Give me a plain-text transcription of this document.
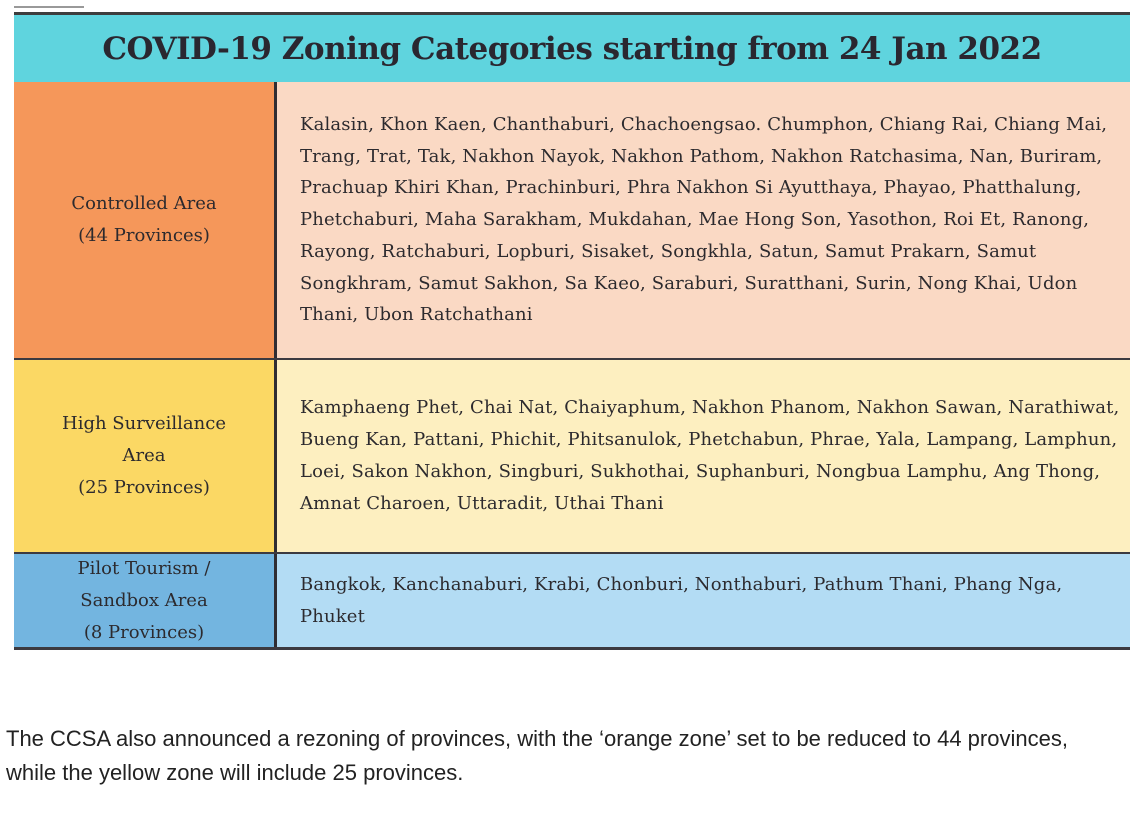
COVID-19 Zoning Categories starting from 24 Jan 2022
Controlled Area
(44 Provinces)
Kalasin, Khon Kaen, Chanthaburi, Chachoengsao. Chumphon, Chiang Rai, Chiang Mai, Trang, Trat, Tak, Nakhon Nayok, Nakhon Pathom, Nakhon Ratchasima, Nan, Buriram, Prachuap Khiri Khan, Prachinburi, Phra Nakhon Si Ayutthaya, Phayao, Phatthalung, Phetchaburi, Maha Sarakham, Mukdahan, Mae Hong Son, Yasothon, Roi Et, Ranong, Rayong, Ratchaburi, Lopburi, Sisaket, Songkhla, Satun, Samut Prakarn, Samut Songkhram, Samut Sakhon, Sa Kaeo, Saraburi, Suratthani, Surin, Nong Khai, Udon Thani, Ubon Ratchathani
High Surveillance
Area
(25 Provinces)
Kamphaeng Phet, Chai Nat, Chaiyaphum, Nakhon Phanom, Nakhon Sawan, Narathiwat, Bueng Kan, Pattani, Phichit, Phitsanulok, Phetchabun, Phrae, Yala, Lampang, Lamphun, Loei, Sakon Nakhon, Singburi, Sukhothai, Suphanburi, Nongbua Lamphu, Ang Thong, Amnat Charoen, Uttaradit, Uthai Thani
Pilot Tourism /
Sandbox Area
(8 Provinces)
Bangkok, Kanchanaburi, Krabi, Chonburi, Nonthaburi, Pathum Thani, Phang Nga, Phuket

The CCSA also announced a rezoning of provinces, with the ‘orange zone’ set to be reduced to 44 provinces, while the yellow zone will include 25 provinces.
